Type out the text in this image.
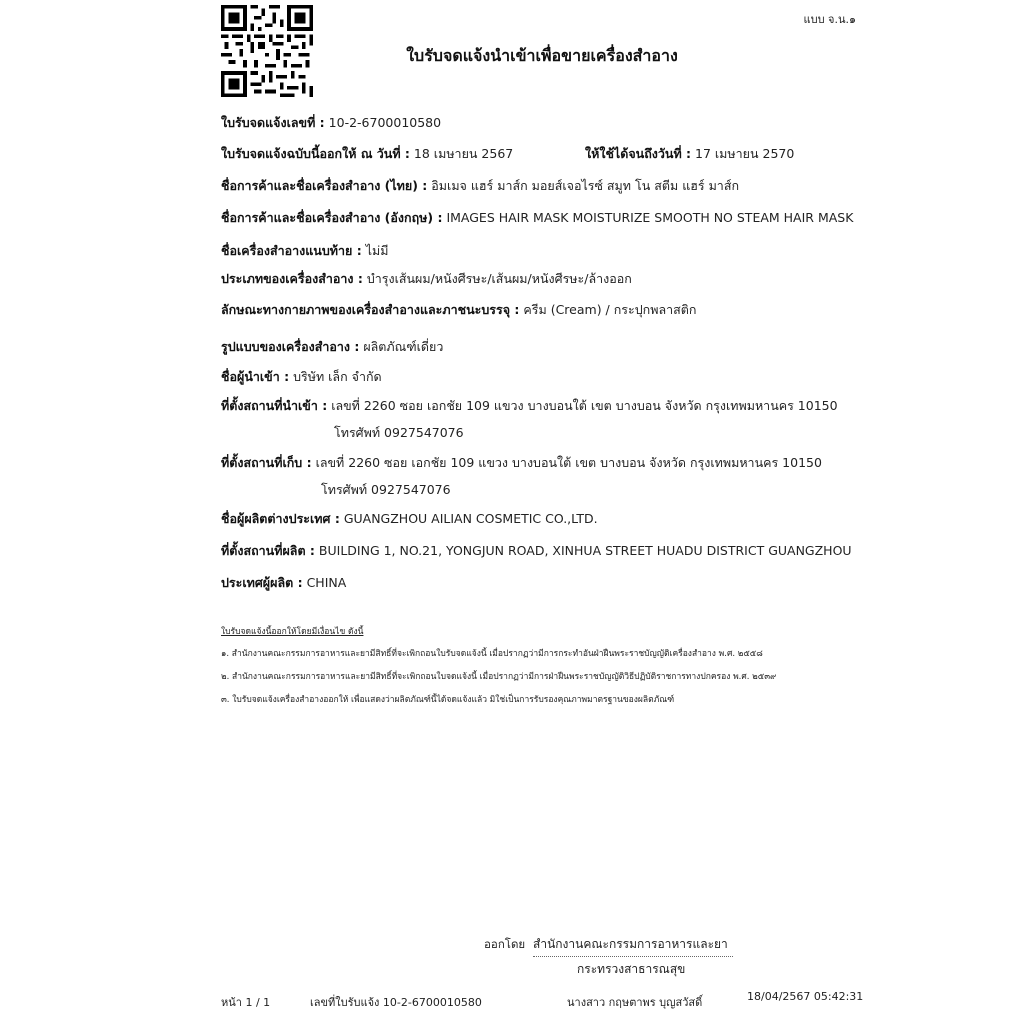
แบบ จ.น.๑
ใบรับจดแจ้งนำเข้าเพื่อขายเครื่องสำอาง
ใบรับจดแจ้งเลขที่ : 10-2-6700010580
ใบรับจดแจ้งฉบับนี้ออกให้ ณ วันที่ : 18 เมษายน 2567	ให้ใช้ได้จนถึงวันที่ : 17 เมษายน 2570
ชื่อการค้าและชื่อเครื่องสำอาง (ไทย) : อิมเมจ แฮร์ มาส์ก มอยส์เจอไรซ์ สมูท โน สตีม แฮร์ มาส์ก
ชื่อการค้าและชื่อเครื่องสำอาง (อังกฤษ) : IMAGES HAIR MASK MOISTURIZE SMOOTH NO STEAM HAIR MASK
ชื่อเครื่องสำอางแนบท้าย : ไม่มี
ประเภทของเครื่องสำอาง : บำรุงเส้นผม/หนังศีรษะ/เส้นผม/หนังศีรษะ/ล้างออก
ลักษณะทางกายภาพของเครื่องสำอางและภาชนะบรรจุ : ครีม (Cream) / กระปุกพลาสติก
รูปแบบของเครื่องสำอาง : ผลิตภัณฑ์เดี่ยว
ชื่อผู้นำเข้า : บริษัท เล็ก จำกัด
ที่ตั้งสถานที่นำเข้า : เลขที่ 2260 ซอย เอกชัย 109 แขวง บางบอนใต้ เขต บางบอน จังหวัด กรุงเทพมหานคร 10150
โทรศัพท์ 0927547076
ที่ตั้งสถานที่เก็บ : เลขที่ 2260 ซอย เอกชัย 109 แขวง บางบอนใต้ เขต บางบอน จังหวัด กรุงเทพมหานคร 10150
โทรศัพท์ 0927547076
ชื่อผู้ผลิตต่างประเทศ : GUANGZHOU AILIAN COSMETIC CO.,LTD.
ที่ตั้งสถานที่ผลิต : BUILDING 1, NO.21, YONGJUN ROAD, XINHUA STREET HUADU DISTRICT GUANGZHOU
ประเทศผู้ผลิต : CHINA
ใบรับจดแจ้งนี้ออกให้โดยมีเงื่อนไข ดังนี้
๑. สำนักงานคณะกรรมการอาหารและยามีสิทธิ์ที่จะเพิกถอนใบรับจดแจ้งนี้ เมื่อปรากฏว่ามีการกระทำอันฝ่าฝืนพระราชบัญญัติเครื่องสำอาง พ.ศ. ๒๕๕๘
๒. สำนักงานคณะกรรมการอาหารและยามีสิทธิ์ที่จะเพิกถอนใบจดแจ้งนี้ เมื่อปรากฏว่ามีการฝ่าฝืนพระราชบัญญัติวิธีปฏิบัติราชการทางปกครอง พ.ศ. ๒๕๓๙
๓. ใบรับจดแจ้งเครื่องสำอางออกให้ เพื่อแสดงว่าผลิตภัณฑ์นี้ได้จดแจ้งแล้ว มิใช่เป็นการรับรองคุณภาพมาตรฐานของผลิตภัณฑ์
ออกโดย สำนักงานคณะกรรมการอาหารและยา
กระทรวงสาธารณสุข
หน้า 1 / 1	เลขที่ใบรับแจ้ง 10-2-6700010580	นางสาว กฤษตาพร บุญสวัสดิ์	18/04/2567 05:42:31
